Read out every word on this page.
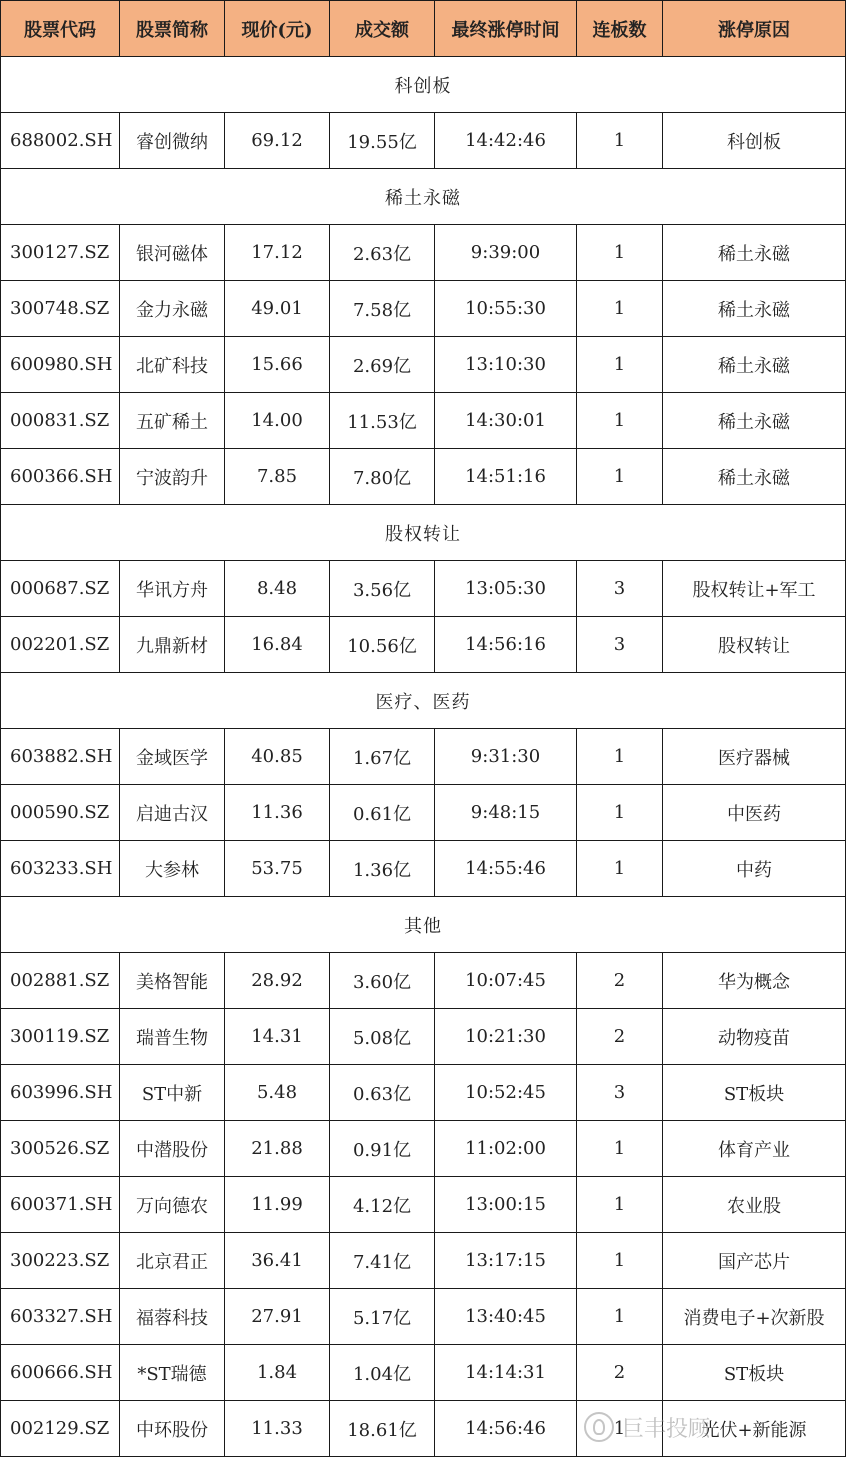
股票代码	股票简称	现价(元)	成交额	最终涨停时间	连板数	涨停原因
科创板						
688002.SH	睿创微纳	69.12	19.55亿	14:42:46	1	科创板
稀土永磁						
300127.SZ	银河磁体	17.12	2.63亿	9:39:00	1	稀土永磁
300748.SZ	金力永磁	49.01	7.58亿	10:55:30	1	稀土永磁
600980.SH	北矿科技	15.66	2.69亿	13:10:30	1	稀土永磁
000831.SZ	五矿稀土	14.00	11.53亿	14:30:01	1	稀土永磁
600366.SH	宁波韵升	7.85	7.80亿	14:51:16	1	稀土永磁
股权转让						
000687.SZ	华讯方舟	8.48	3.56亿	13:05:30	3	股权转让+军工
002201.SZ	九鼎新材	16.84	10.56亿	14:56:16	3	股权转让
医疗、医药						
603882.SH	金域医学	40.85	1.67亿	9:31:30	1	医疗器械
000590.SZ	启迪古汉	11.36	0.61亿	9:48:15	1	中医药
603233.SH	大参林	53.75	1.36亿	14:55:46	1	中药
其他						
002881.SZ	美格智能	28.92	3.60亿	10:07:45	2	华为概念
300119.SZ	瑞普生物	14.31	5.08亿	10:21:30	2	动物疫苗
603996.SH	ST中新	5.48	0.63亿	10:52:45	3	ST板块
300526.SZ	中潜股份	21.88	0.91亿	11:02:00	1	体育产业
600371.SH	万向德农	11.99	4.12亿	13:00:15	1	农业股
300223.SZ	北京君正	36.41	7.41亿	13:17:15	1	国产芯片
603327.SH	福蓉科技	27.91	5.17亿	13:40:45	1	消费电子+次新股
600666.SH	*ST瑞德	1.84	1.04亿	14:14:31	2	ST板块
002129.SZ	中环股份	11.33	18.61亿	14:56:46	1	光伏+新能源
巨丰投顾
